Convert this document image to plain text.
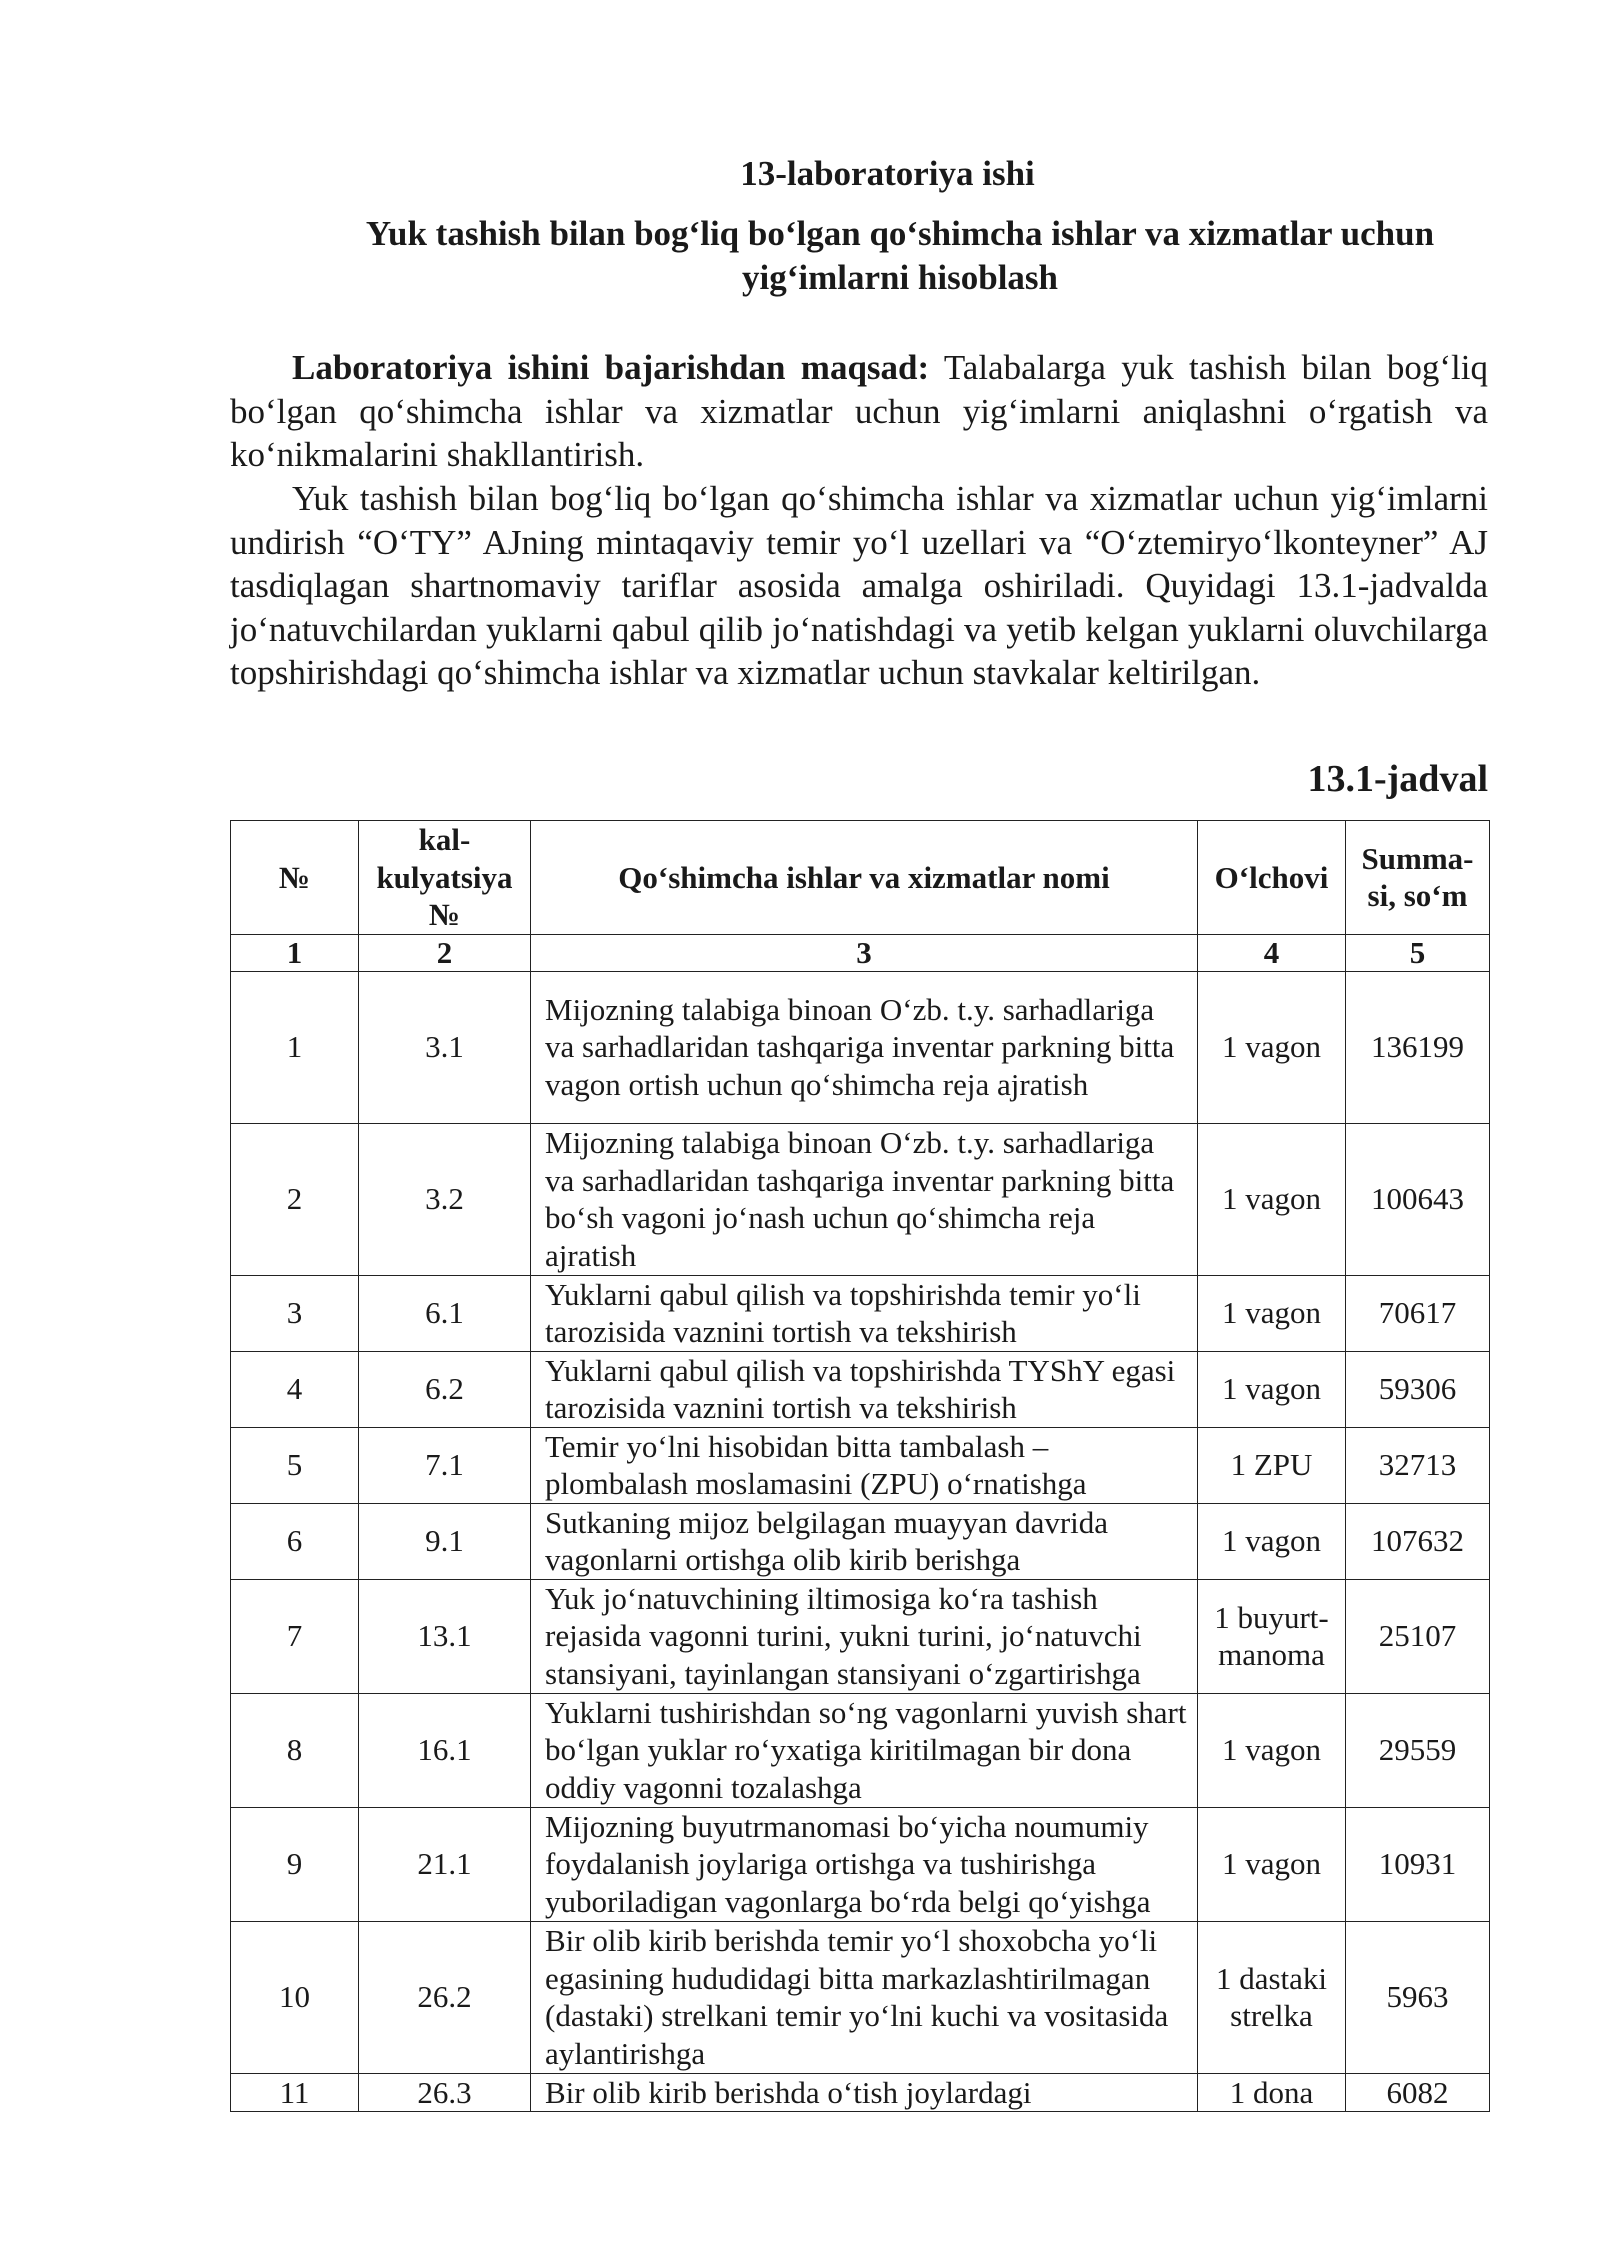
13-laboratoriya ishi
Yuk tashish bilan bog‘liq bo‘lgan qo‘shimcha ishlar va xizmatlar uchun yig‘imlarni hisoblash
Laboratoriya ishini bajarishdan maqsad: Talabalarga yuk tashish bilan bog‘liq bo‘lgan qo‘shimcha ishlar va xizmatlar uchun yig‘imlarni aniqlashni o‘rgatish va ko‘nikmalarini shakllantirish.
Yuk tashish bilan bog‘liq bo‘lgan qo‘shimcha ishlar va xizmatlar uchun yig‘imlarni undirish “O‘TY” AJning mintaqaviy temir yo‘l uzellari va “O‘ztemiryo‘lkonteyner” AJ tasdiqlagan shartnomaviy tariflar asosida amalga oshiriladi. Quyidagi 13.1-jadvalda jo‘natuvchilardan yuklarni qabul qilib jo‘natishdagi va yetib kelgan yuklarni oluvchilarga topshirishdagi qo‘shimcha ishlar va xizmatlar uchun stavkalar keltirilgan.
13.1-jadval
№	kal-kulyatsiya №	Qo‘shimcha ishlar va xizmatlar nomi	O‘lchovi	Summa-si, so‘m
1	2	3	4	5
1	3.1	Mijozning talabiga binoan O‘zb. t.y. sarhadlariga va sarhadlaridan tashqariga inventar parkning bitta vagon ortish uchun qo‘shimcha reja ajratish	1 vagon	136199
2	3.2	Mijozning talabiga binoan O‘zb. t.y. sarhadlariga va sarhadlaridan tashqariga inventar parkning bitta bo‘sh vagoni jo‘nash uchun qo‘shimcha reja ajratish	1 vagon	100643
3	6.1	Yuklarni qabul qilish va topshirishda temir yo‘li tarozisida vaznini tortish va tekshirish	1 vagon	70617
4	6.2	Yuklarni qabul qilish va topshirishda TYShY egasi tarozisida vaznini tortish va tekshirish	1 vagon	59306
5	7.1	Temir yo‘lni hisobidan bitta tambalash – plombalash moslamasini (ZPU) o‘rnatishga	1 ZPU	32713
6	9.1	Sutkaning mijoz belgilagan muayyan davrida vagonlarni ortishga olib kirib berishga	1 vagon	107632
7	13.1	Yuk jo‘natuvchining iltimosiga ko‘ra tashish rejasida vagonni turini, yukni turini, jo‘natuvchi stansiyani, tayinlangan stansiyani o‘zgartirishga	1 buyurt-manoma	25107
8	16.1	Yuklarni tushirishdan so‘ng vagonlarni yuvish shart bo‘lgan yuklar ro‘yxatiga kiritilmagan bir dona oddiy vagonni tozalashga	1 vagon	29559
9	21.1	Mijozning buyutrmanomasi bo‘yicha noumumiy foydalanish joylariga ortishga va tushirishga yuboriladigan vagonlarga bo‘rda belgi qo‘yishga	1 vagon	10931
10	26.2	Bir olib kirib berishda temir yo‘l shoxobcha yo‘li egasining hududidagi bitta markazlashtirilmagan (dastaki) strelkani temir yo‘lni kuchi va vositasida aylantirishga	1 dastaki strelka	5963
11	26.3	Bir olib kirib berishda o‘tish joylardagi	1 dona	6082
